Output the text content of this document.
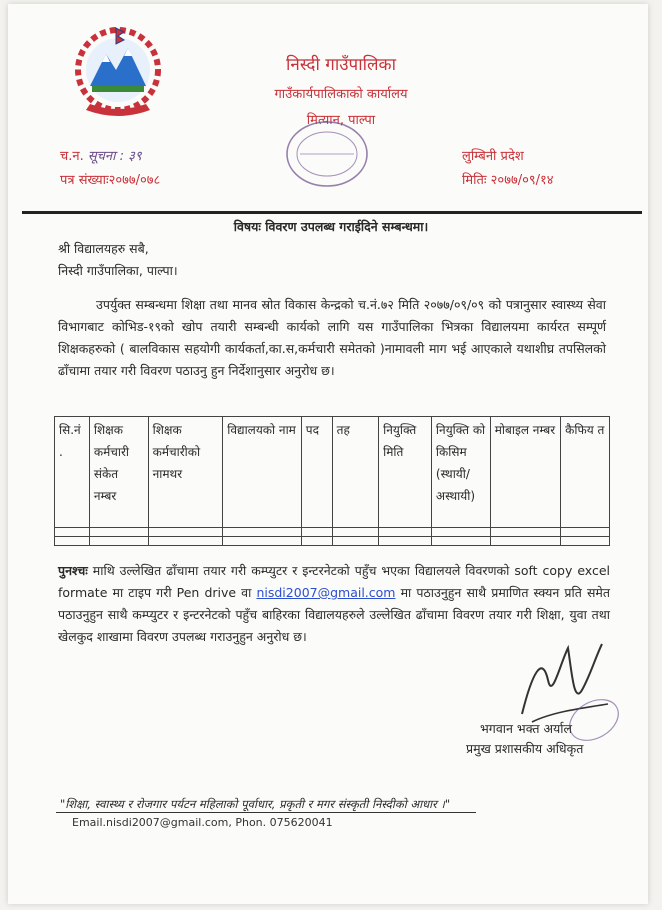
निस्दी गाउँपालिका
गाउँकार्यपालिकाको कार्यालय
मित्यान, पाल्पा
च.न. सूचना : ३९
पत्र संख्याः२०७७/०७८
लुम्बिनी प्रदेश
मितिः २०७७/०९/१४
विषयः विवरण उपलब्ध गराईदिने सम्बन्धमा।
श्री विद्यालयहरु सबै,
निस्दी गाउँपालिका, पाल्पा।

उपर्युक्त सम्बन्धमा शिक्षा तथा मानव स्रोत विकास केन्द्रको च.नं.७२ मिति २०७७/०९/०९ को पत्रानुसार स्वास्थ्य सेवा विभागबाट कोभिड-१९को खोप तयारी सम्बन्धी कार्यको लागि यस गाउँपालिका भित्रका विद्यालयमा कार्यरत सम्पूर्ण शिक्षकहरुको ( बालविकास सहयोगी कार्यकर्ता,का.स,कर्मचारी समेतको )नामावली माग भई आएकाले यथाशीघ्र तपसिलको ढाँचामा तयार गरी विवरण पठाउनु हुन निर्देशानुसार अनुरोध छ।

सि.नं .	शिक्षक कर्मचारी संकेत नम्बर	शिक्षक कर्मचारीको नामथर	विद्यालयको नाम	पद	तह	नियुक्ति मिति	नियुक्ति को किसिम (स्थायी/ अस्थायी)	मोबाइल नम्बर	कैफिय त

पुनश्चः माथि उल्लेखित ढाँचामा तयार गरी कम्प्युटर र इन्टरनेटको पहुँच भएका विद्यालयले विवरणको soft copy excel formate मा टाइप गरी Pen drive वा nisdi2007@gmail.com मा पठाउनुहुन साथै प्रमाणित स्क्यन प्रति समेत पठाउनुहुन साथै कम्प्युटर र इन्टरनेटको पहुँच बाहिरका विद्यालयहरुले उल्लेखित ढाँचामा विवरण तयार गरी शिक्षा, युवा तथा खेलकुद शाखामा विवरण उपलब्ध गराउनुहुन अनुरोध छ।
भगवान भक्त अर्याल
प्रमुख प्रशासकीय अधिकृत
"शिक्षा, स्वास्थ्य र रोजगार पर्यटन महिलाको पूर्वाधार, प्रकृती र मगर संस्कृती निस्दीको आधार ।"
Email.nisdi2007@gmail.com, Phon. 075620041
